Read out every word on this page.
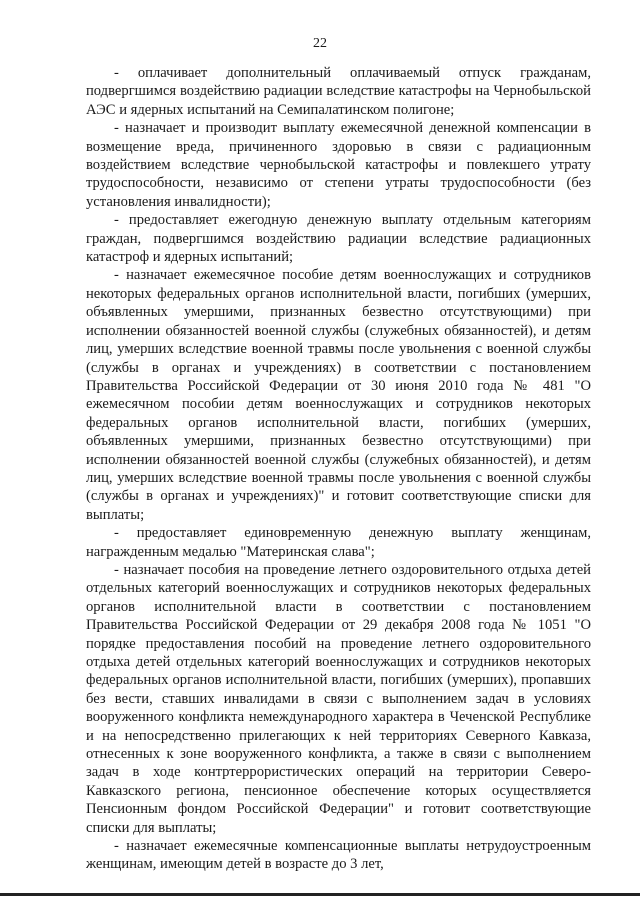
22

- оплачивает дополнительный оплачиваемый отпуск гражданам, подвергшимся воздействию радиации вследствие катастрофы на Чернобыльской АЭС и ядерных испытаний на Семипалатинском полигоне;

- назначает и производит выплату ежемесячной денежной компенсации в возмещение вреда, причиненного здоровью в связи с радиационным воздействием вследствие чернобыльской катастрофы и повлекшего утрату трудоспособности, независимо от степени утраты трудоспособности (без установления инвалидности);

- предоставляет ежегодную денежную выплату отдельным категориям граждан, подвергшимся воздействию радиации вследствие радиационных катастроф и ядерных испытаний;

- назначает ежемесячное пособие детям военнослужащих и сотрудников некоторых федеральных органов исполнительной власти, погибших (умерших, объявленных умершими, признанных безвестно отсутствующими) при исполнении обязанностей военной службы (служебных обязанностей), и детям лиц, умерших вследствие военной травмы после увольнения с военной службы (службы в органах и учреждениях) в соответствии с постановлением Правительства Российской Федерации от 30 июня 2010 года № 481 "О ежемесячном пособии детям военнослужащих и сотрудников некоторых федеральных органов исполнительной власти, погибших (умерших, объявленных умершими, признанных безвестно отсутствующими) при исполнении обязанностей военной службы (служебных обязанностей), и детям лиц, умерших вследствие военной травмы после увольнения с военной службы (службы в органах и учреждениях)" и готовит соответствующие списки для выплаты;

- предоставляет единовременную денежную выплату женщинам, награжденным медалью "Материнская слава";

- назначает пособия на проведение летнего оздоровительного отдыха детей отдельных категорий военнослужащих и сотрудников некоторых федеральных органов исполнительной власти в соответствии с постановлением Правительства Российской Федерации от 29 декабря 2008 года № 1051 "О порядке предоставления пособий на проведение летнего оздоровительного отдыха детей отдельных категорий военнослужащих и сотрудников некоторых федеральных органов исполнительной власти, погибших (умерших), пропавших без вести, ставших инвалидами в связи с выполнением задач в условиях вооруженного конфликта немеждународного характера в Чеченской Республике и на непосредственно прилегающих к ней территориях Северного Кавказа, отнесенных к зоне вооруженного конфликта, а также в связи с выполнением задач в ходе контртеррористических операций на территории Северо-Кавказского региона, пенсионное обеспечение которых осуществляется Пенсионным фондом Российской Федерации" и готовит соответствующие списки для выплаты;

- назначает ежемесячные компенсационные выплаты нетрудоустроенным женщинам, имеющим детей в возрасте до 3 лет,
